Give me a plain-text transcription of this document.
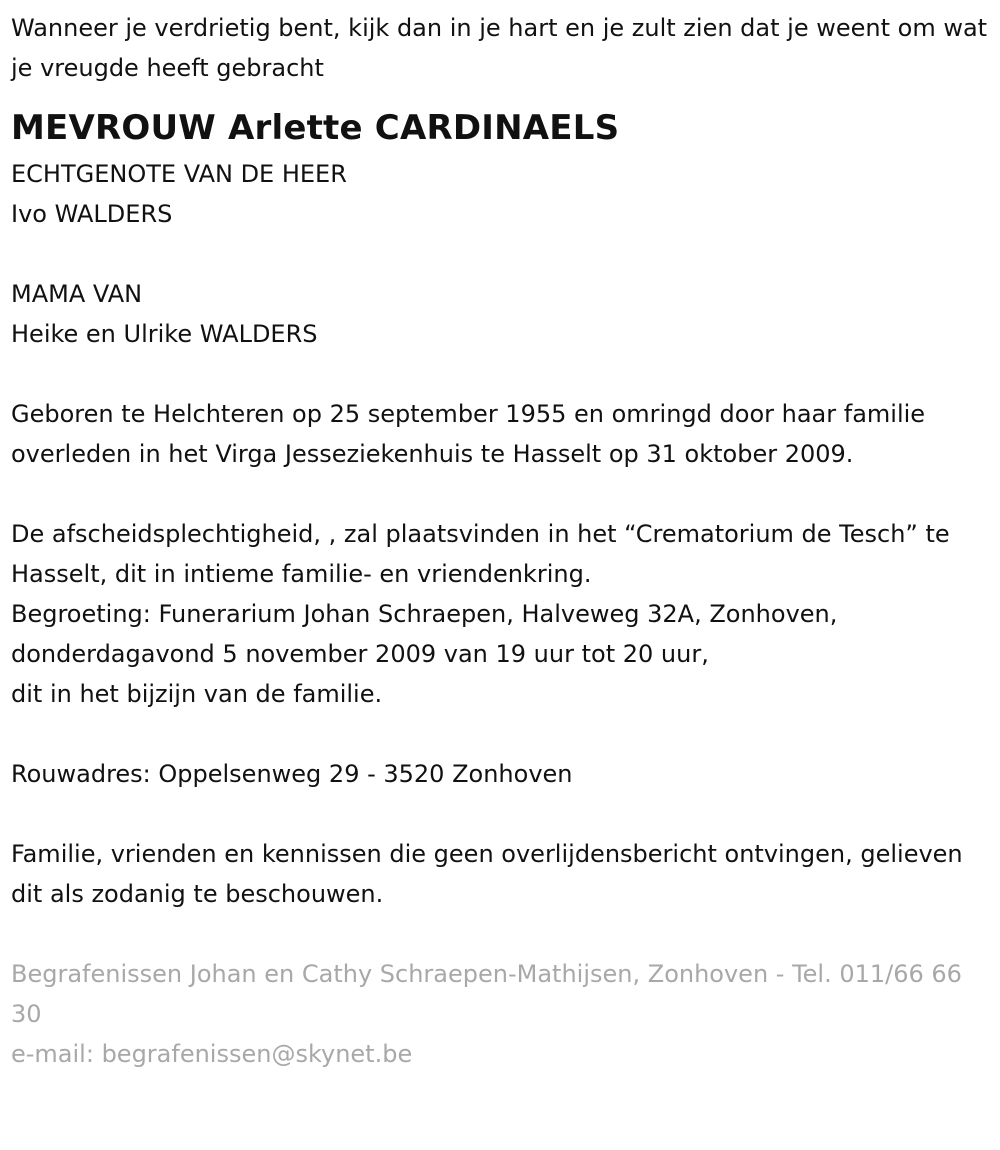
Wanneer je verdrietig bent, kijk dan in je hart en je zult zien dat je weent om wat je vreugde heeft gebracht

MEVROUW Arlette CARDINAELS

ECHTGENOTE VAN DE HEER

Ivo WALDERS

MAMA VAN

Heike en Ulrike WALDERS

Geboren te Helchteren op 25 september 1955 en omringd door haar familie overleden in het Virga Jesseziekenhuis te Hasselt op 31 oktober 2009.

De afscheidsplechtigheid, , zal plaatsvinden in het “Crematorium de Tesch” te Hasselt, dit in intieme familie- en vriendenkring.

Begroeting: Funerarium Johan Schraepen, Halveweg 32A, Zonhoven,

donderdagavond 5 november 2009 van 19 uur tot 20 uur,

dit in het bijzijn van de familie.

Rouwadres: Oppelsenweg 29 - 3520 Zonhoven

Familie, vrienden en kennissen die geen overlijdensbericht ontvingen, gelieven dit als zodanig te beschouwen.

Begrafenissen Johan en Cathy Schraepen-Mathijsen, Zonhoven - Tel. 011/66 66 30

e-mail: begrafenissen@skynet.be
